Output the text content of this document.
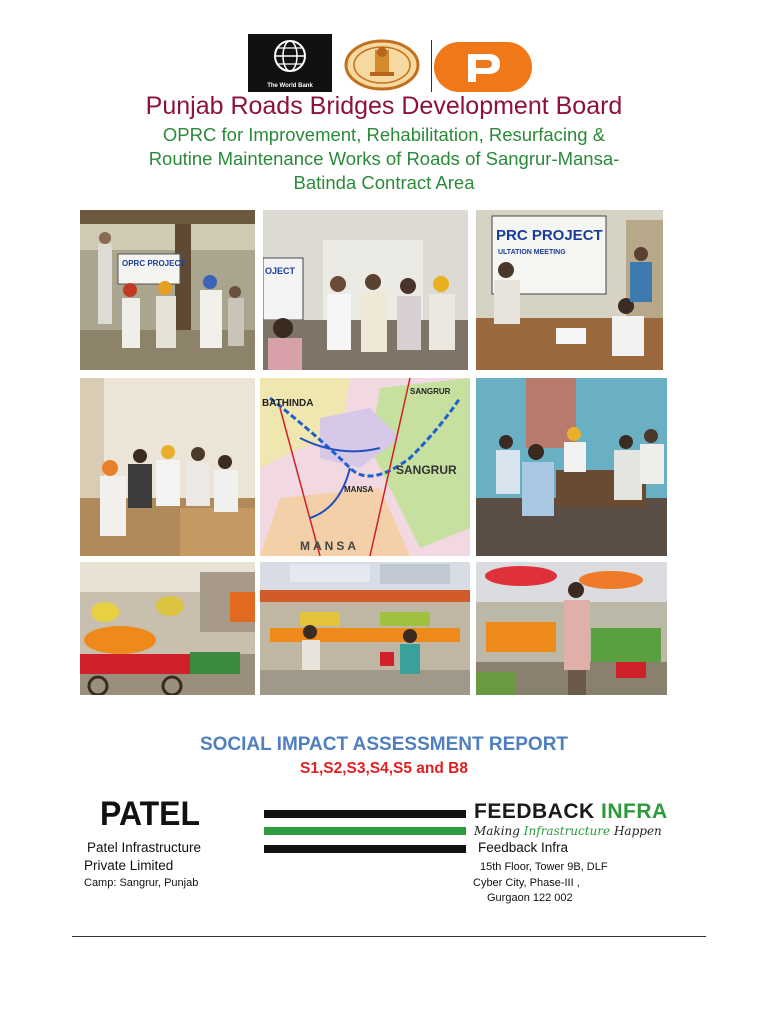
The World Bank
Punjab Roads Bridges Development Board
OPRC for Improvement, Rehabilitation, Resurfacing &
Routine Maintenance Works of Roads of Sangrur-Mansa-
Batinda Contract Area
OPRC PROJECT
OJECT
PRC PROJECT
ULTATION MEETING
BATHINDA
SANGRUR
SANGRUR
MANSA
MANSA
SOCIAL IMPACT ASSESSMENT REPORT
S1,S2,S3,S4,S5 and B8
PATEL
Patel Infrastructure
Private Limited
Camp: Sangrur, Punjab
FEEDBACK INFRA
Making Infrastructure Happen
Feedback Infra
15th Floor, Tower 9B, DLF
Cyber City, Phase-III ,
Gurgaon 122 002
